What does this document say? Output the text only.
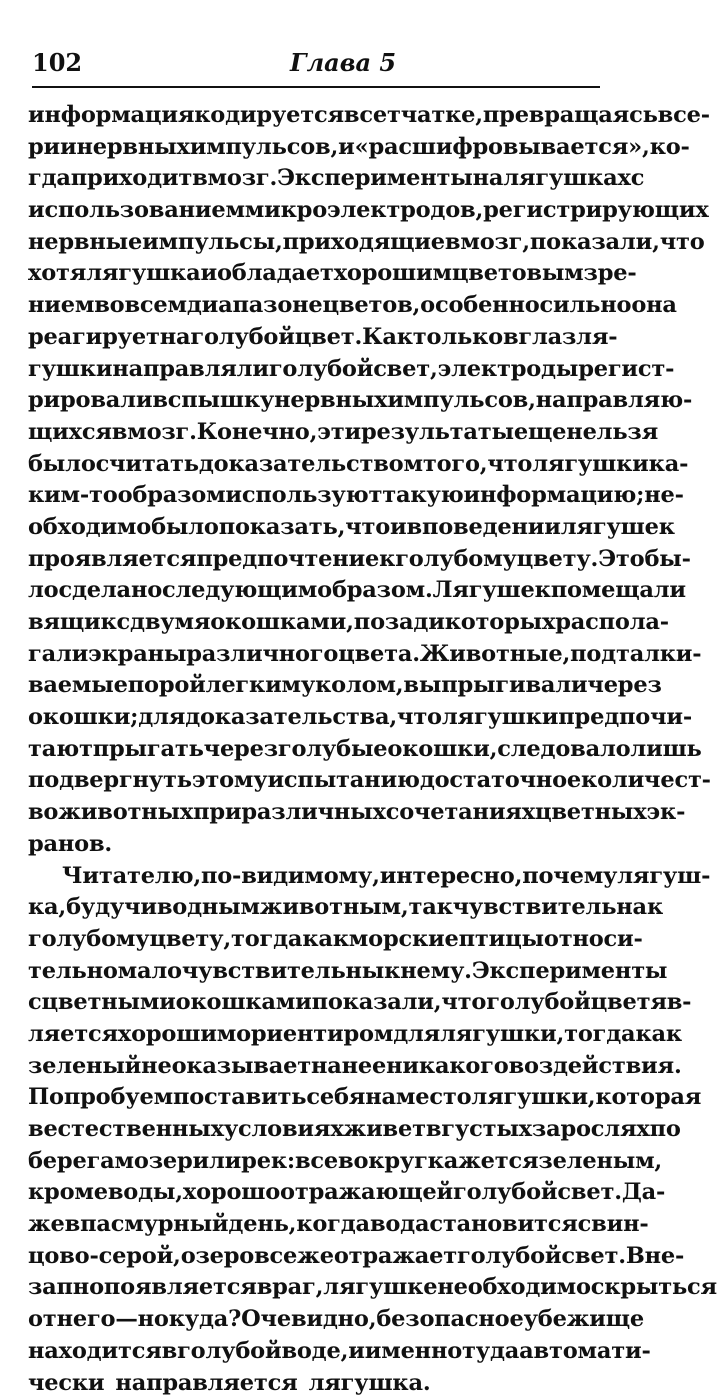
102	Глава 5
информация кодируется в сетчатке, превращаясь в се-
рии нервных импульсов, и «расшифровывается», ко-
гда приходит в мозг. Эксперименты на лягушках с
использованием микроэлектродов, регистрирующих
нервные импульсы, приходящие в мозг, показали, что
хотя лягушка и обладает хорошим цветовым зре-
нием во всем диапазоне цветов, особенно сильно она
реагирует на голубой цвет. Как только в глаз ля-
гушки направляли голубой свет, электроды регист-
рировали вспышку нервных импульсов, направляю-
щихся в мозг. Конечно, эти результаты еще нельзя
было считать доказательством того, что лягушки ка-
ким-то образом используют такую информацию; не-
обходимо было показать, что и в поведении лягушек
проявляется предпочтение к голубому цвету. Это бы-
ло сделано следующим образом. Лягушек помещали
в ящик с двумя окошками, позади которых распола-
гали экраны различного цвета. Животные, подталки-
ваемые порой легким уколом, выпрыгивали через
окошки; для доказательства, что лягушки предпочи-
тают прыгать через голубые окошки, следовало лишь
подвергнуть этому испытанию достаточное количест-
во животных при различных сочетаниях цветных эк-
ранов.
Читателю, по-видимому, интересно, почему лягуш-
ка, будучи водным животным, так чувствительна к
голубому цвету, тогда как морские птицы относи-
тельно мало чувствительны к нему. Эксперименты
с цветными окошками показали, что голубой цвет яв-
ляется хорошим ориентиром для лягушки, тогда как
зеленый не оказывает на нее никакого воздействия.
Попробуем поставить себя на место лягушки, которая
в естественных условиях живет в густых зарослях по
берегам озер или рек: все вокруг кажется зеленым,
кроме воды, хорошо отражающей голубой свет. Да-
же в пасмурный день, когда вода становится свин-
цово-серой, озеро все же отражает голубой свет. Вне-
запно появляется враг, лягушке необходимо скрыться
от него — но куда? Очевидно, безопасное убежище
находится в голубой воде, и именно туда автомати-
чески направляется лягушка.
